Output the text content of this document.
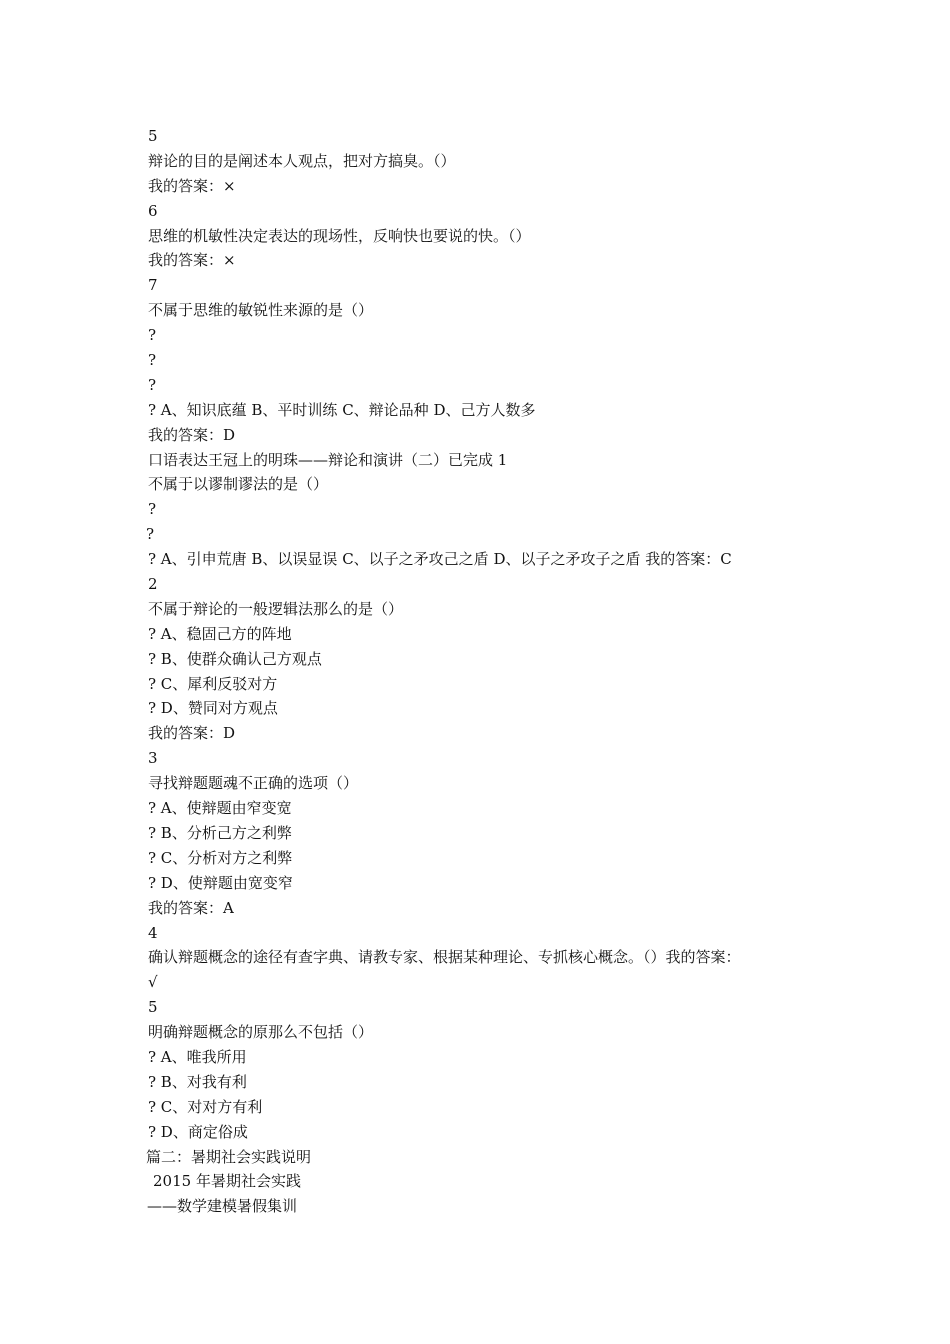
5
辩论的目的是阐述本人观点，把对方搞臭。（）
我的答案：×
6
思维的机敏性决定表达的现场性，反响快也要说的快。（）
我的答案：×
7
不属于思维的敏锐性来源的是（）
?
?
?
? A、知识底蕴 B、平时训练 C、辩论品种 D、己方人数多
我的答案：D
口语表达王冠上的明珠——辩论和演讲（二）已完成 1
不属于以谬制谬法的是（）
?
?
? A、引申荒唐 B、以误显误 C、以子之矛攻己之盾 D、以子之矛攻子之盾 我的答案：C
2
不属于辩论的一般逻辑法那么的是（）
? A、稳固己方的阵地
? B、使群众确认己方观点
? C、犀利反驳对方
? D、赞同对方观点
我的答案：D
3
寻找辩题题魂不正确的选项（）
? A、使辩题由窄变宽
? B、分析己方之利弊
? C、分析对方之利弊
? D、使辩题由宽变窄
我的答案：A
4
确认辩题概念的途径有查字典、请教专家、根据某种理论、专抓核心概念。（）我的答案：
√
5
明确辩题概念的原那么不包括（）
? A、唯我所用
? B、对我有利
? C、对对方有利
? D、商定俗成
篇二：暑期社会实践说明
2015 年暑期社会实践
——数学建模暑假集训
